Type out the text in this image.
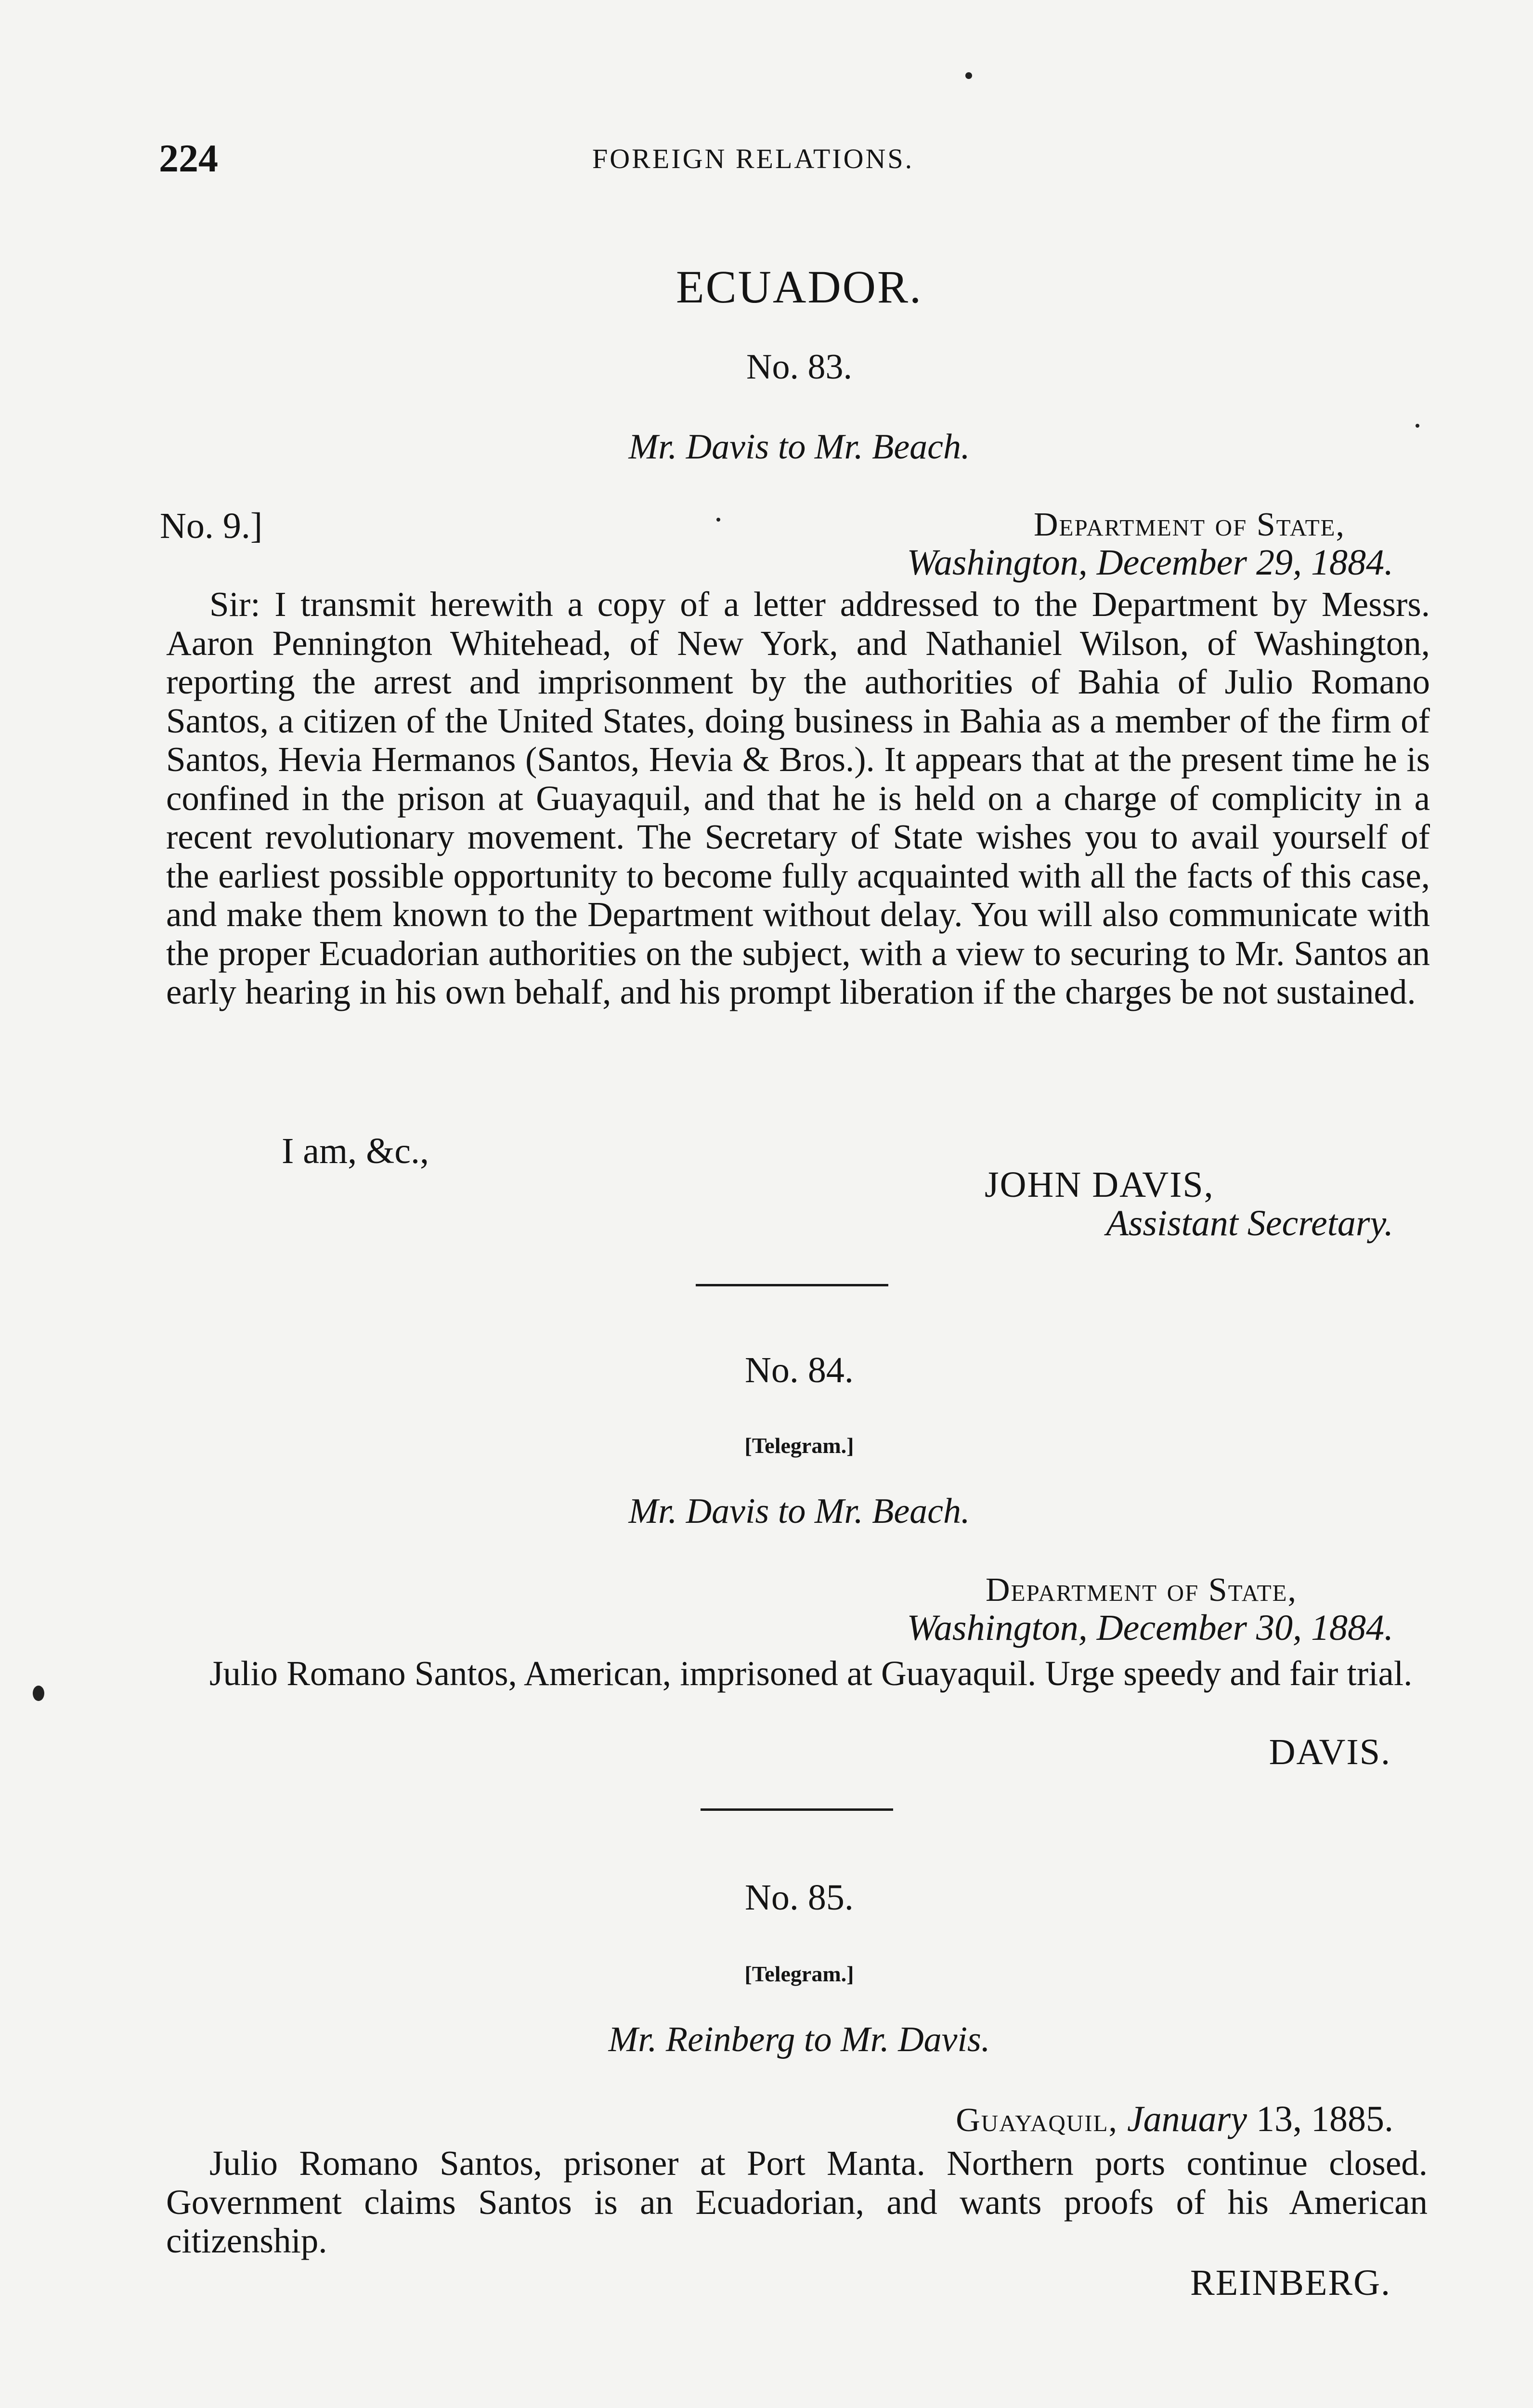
224	FOREIGN RELATIONS.
ECUADOR.
No. 83.
Mr. Davis to Mr. Beach.
No. 9.]	Department of State,
Washington, December 29, 1884.
Sir: I transmit herewith a copy of a letter addressed to the Department by Messrs. Aaron Pennington Whitehead, of New York, and Nathaniel Wilson, of Washington, reporting the arrest and imprisonment by the authorities of Bahia of Julio Romano Santos, a citizen of the United States, doing business in Bahia as a member of the firm of Santos, Hevia Hermanos (Santos, Hevia & Bros.). It appears that at the present time he is confined in the prison at Guayaquil, and that he is held on a charge of complicity in a recent revolutionary movement. The Secretary of State wishes you to avail yourself of the earliest possible opportunity to become fully acquainted with all the facts of this case, and make them known to the Department without delay. You will also communicate with the proper Ecuadorian authorities on the subject, with a view to securing to Mr. Santos an early hearing in his own behalf, and his prompt liberation if the charges be not sustained.
I am, &c.,
JOHN DAVIS,
Assistant Secretary.
No. 84.
[Telegram.]
Mr. Davis to Mr. Beach.
Department of State,
Washington, December 30, 1884.
Julio Romano Santos, American, imprisoned at Guayaquil. Urge speedy and fair trial.
DAVIS.
No. 85.
[Telegram.]
Mr. Reinberg to Mr. Davis.
Guayaquil, January 13, 1885.
Julio Romano Santos, prisoner at Port Manta. Northern ports continue closed. Government claims Santos is an Ecuadorian, and wants proofs of his American citizenship.
REINBERG.
